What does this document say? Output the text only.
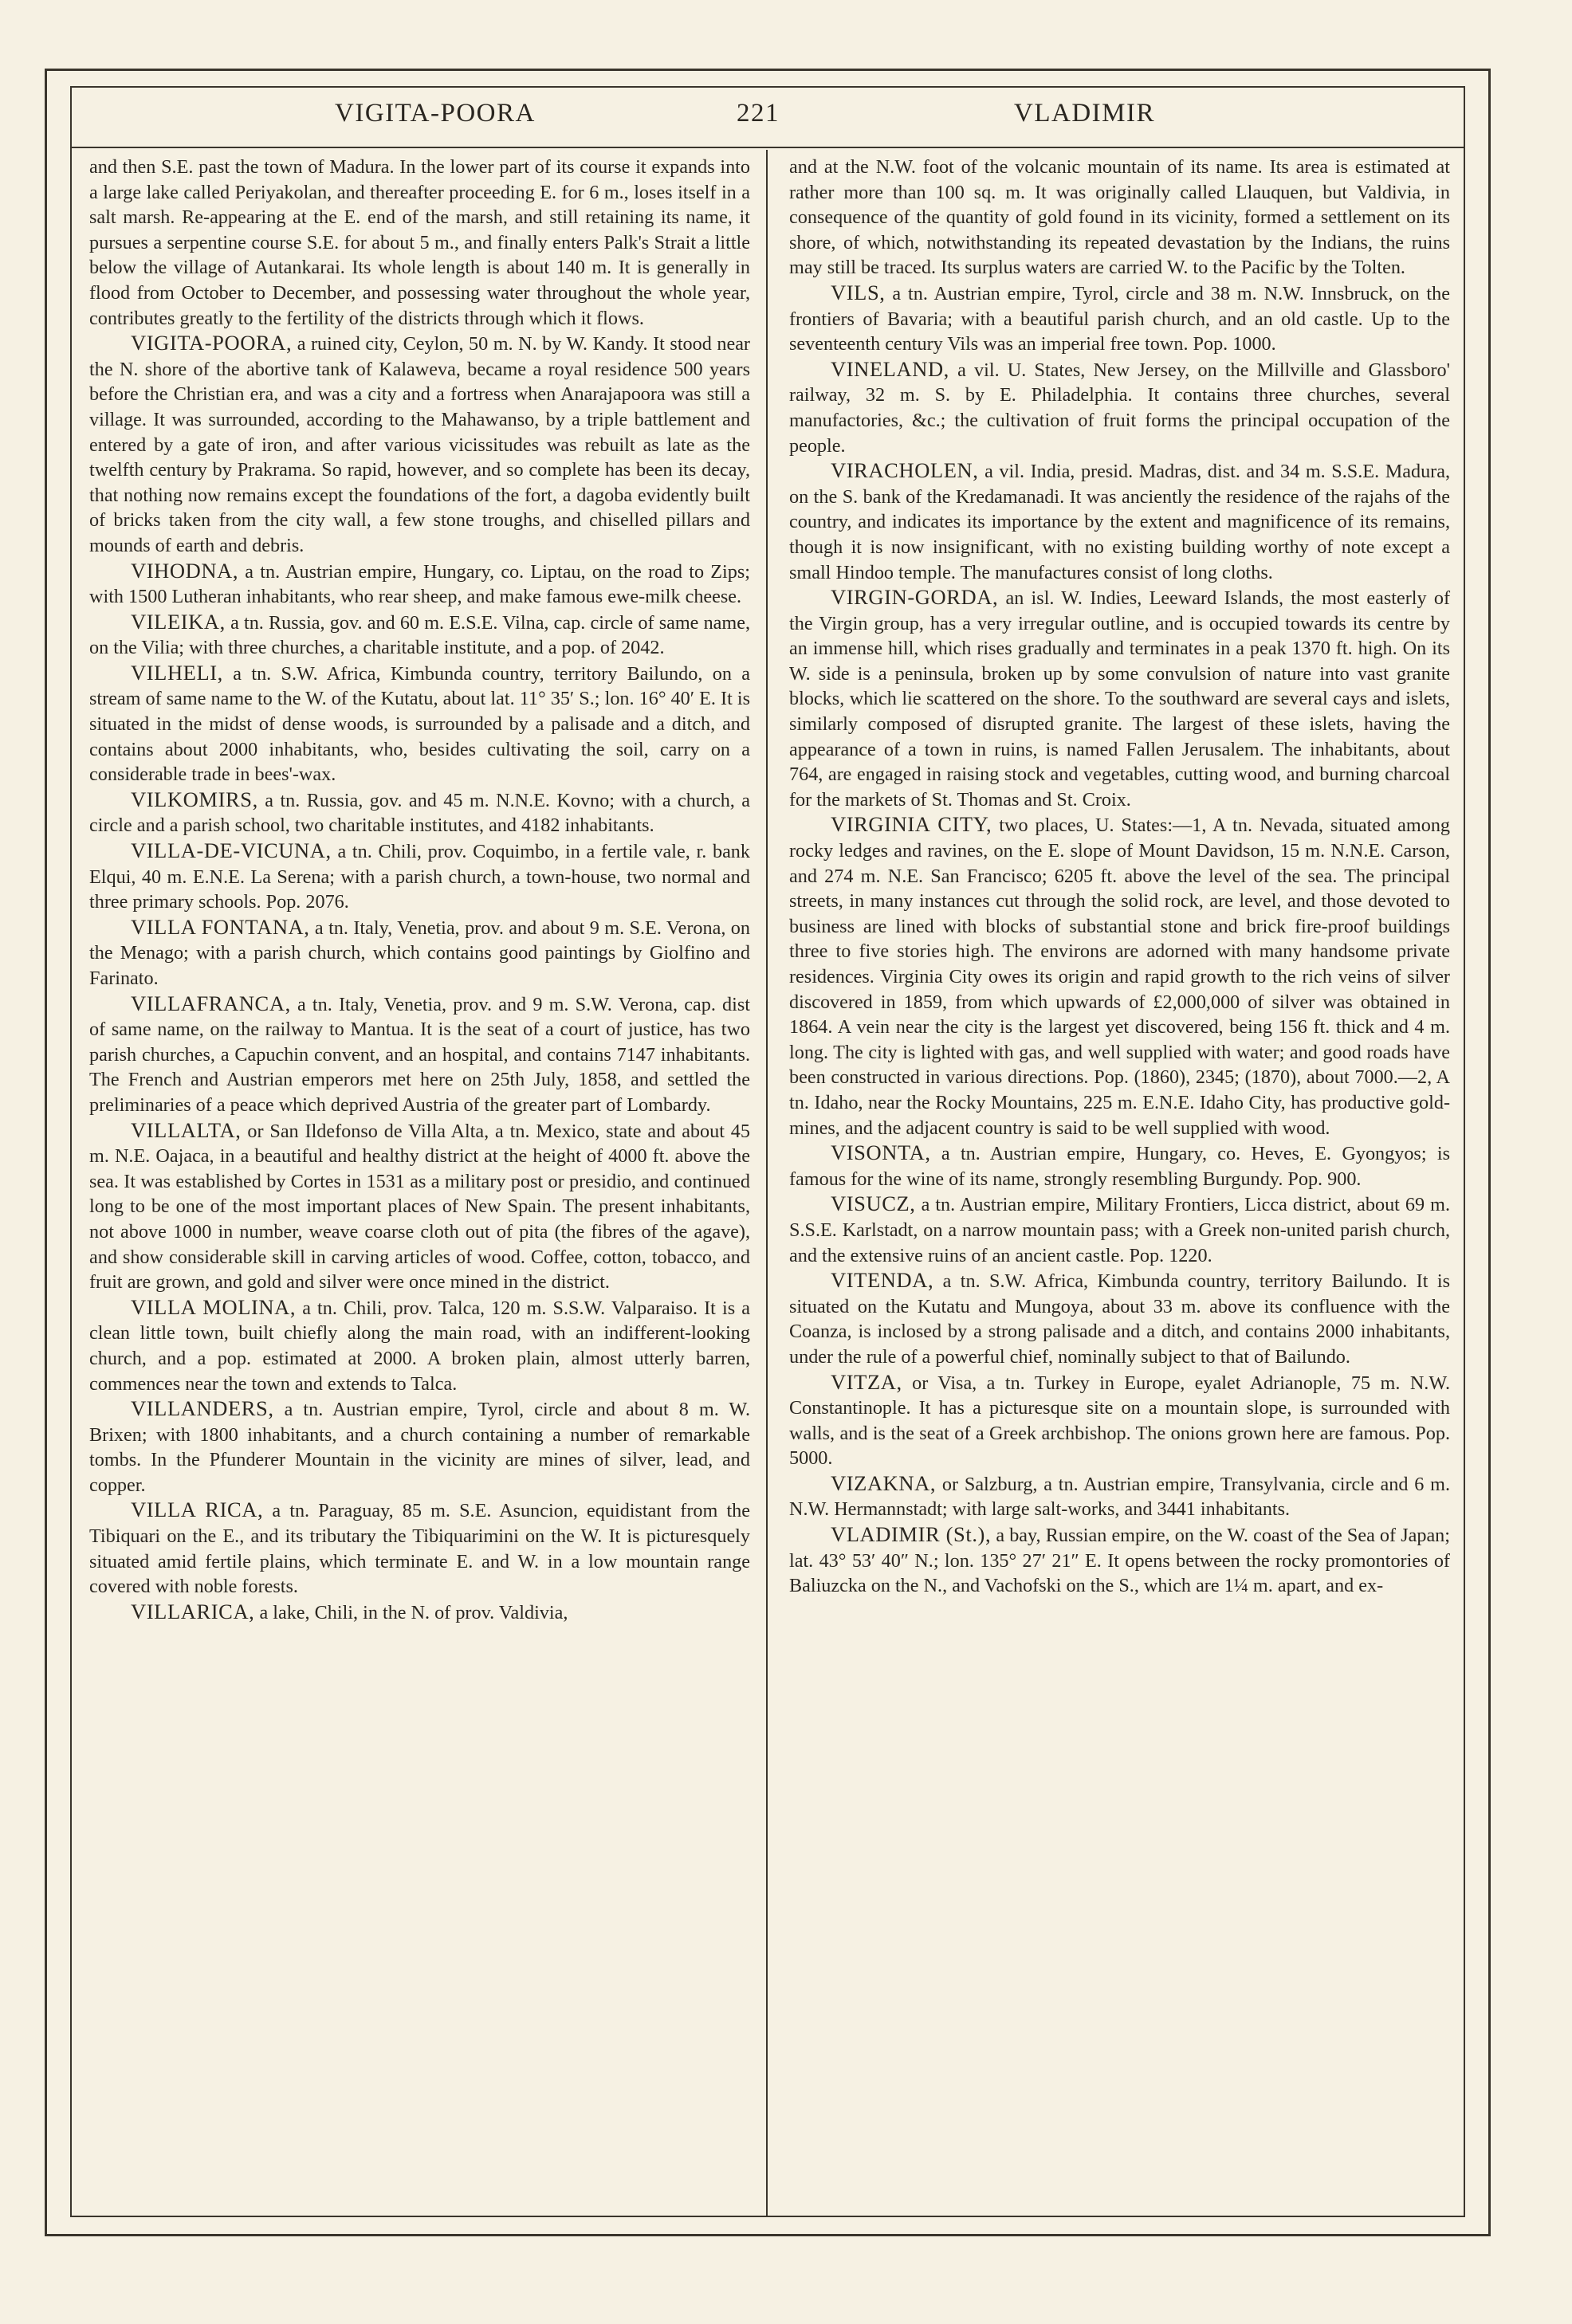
VIGITA-POORA	221	VLADIMIR

and then S.E. past the town of Madura. In the lower part of its course it expands into a large lake called Periyakolan, and thereafter proceeding E. for 6 m., loses itself in a salt marsh. Re-appearing at the E. end of the marsh, and still retaining its name, it pursues a serpentine course S.E. for about 5 m., and finally enters Palk's Strait a little below the village of Autankarai. Its whole length is about 140 m. It is generally in flood from October to December, and possessing water throughout the whole year, contributes greatly to the fertility of the districts through which it flows.

VIGITA-POORA, a ruined city, Ceylon, 50 m. N. by W. Kandy. It stood near the N. shore of the abortive tank of Kalaweva, became a royal residence 500 years before the Christian era, and was a city and a fortress when Anarajapoora was still a village. It was surrounded, according to the Mahawanso, by a triple battlement and entered by a gate of iron, and after various vicissitudes was rebuilt as late as the twelfth century by Prakrama. So rapid, however, and so complete has been its decay, that nothing now remains except the foundations of the fort, a dagoba evidently built of bricks taken from the city wall, a few stone troughs, and chiselled pillars and mounds of earth and debris.

VIHODNA, a tn. Austrian empire, Hungary, co. Liptau, on the road to Zips; with 1500 Lutheran inhabitants, who rear sheep, and make famous ewe-milk cheese.

VILEIKA, a tn. Russia, gov. and 60 m. E.S.E. Vilna, cap. circle of same name, on the Vilia; with three churches, a charitable institute, and a pop. of 2042.

VILHELI, a tn. S.W. Africa, Kimbunda country, territory Bailundo, on a stream of same name to the W. of the Kutatu, about lat. 11° 35′ S.; lon. 16° 40′ E. It is situated in the midst of dense woods, is surrounded by a palisade and a ditch, and contains about 2000 inhabitants, who, besides cultivating the soil, carry on a considerable trade in bees'-wax.

VILKOMIRS, a tn. Russia, gov. and 45 m. N.N.E. Kovno; with a church, a circle and a parish school, two charitable institutes, and 4182 inhabitants.

VILLA-DE-VICUNA, a tn. Chili, prov. Coquimbo, in a fertile vale, r. bank Elqui, 40 m. E.N.E. La Serena; with a parish church, a town-house, two normal and three primary schools. Pop. 2076.

VILLA FONTANA, a tn. Italy, Venetia, prov. and about 9 m. S.E. Verona, on the Menago; with a parish church, which contains good paintings by Giolfino and Farinato.

VILLAFRANCA, a tn. Italy, Venetia, prov. and 9 m. S.W. Verona, cap. dist of same name, on the railway to Mantua. It is the seat of a court of justice, has two parish churches, a Capuchin convent, and an hospital, and contains 7147 inhabitants. The French and Austrian emperors met here on 25th July, 1858, and settled the preliminaries of a peace which deprived Austria of the greater part of Lombardy.

VILLALTA, or San Ildefonso de Villa Alta, a tn. Mexico, state and about 45 m. N.E. Oajaca, in a beautiful and healthy district at the height of 4000 ft. above the sea. It was established by Cortes in 1531 as a military post or presidio, and continued long to be one of the most important places of New Spain. The present inhabitants, not above 1000 in number, weave coarse cloth out of pita (the fibres of the agave), and show considerable skill in carving articles of wood. Coffee, cotton, tobacco, and fruit are grown, and gold and silver were once mined in the district.

VILLA MOLINA, a tn. Chili, prov. Talca, 120 m. S.S.W. Valparaiso. It is a clean little town, built chiefly along the main road, with an indifferent-looking church, and a pop. estimated at 2000. A broken plain, almost utterly barren, commences near the town and extends to Talca.

VILLANDERS, a tn. Austrian empire, Tyrol, circle and about 8 m. W. Brixen; with 1800 inhabitants, and a church containing a number of remarkable tombs. In the Pfunderer Mountain in the vicinity are mines of silver, lead, and copper.

VILLA RICA, a tn. Paraguay, 85 m. S.E. Asuncion, equidistant from the Tibiquari on the E., and its tributary the Tibiquarimini on the W. It is picturesquely situated amid fertile plains, which terminate E. and W. in a low mountain range covered with noble forests.

VILLARICA, a lake, Chili, in the N. of prov. Valdivia,

and at the N.W. foot of the volcanic mountain of its name. Its area is estimated at rather more than 100 sq. m. It was originally called Llauquen, but Valdivia, in consequence of the quantity of gold found in its vicinity, formed a settlement on its shore, of which, notwithstanding its repeated devastation by the Indians, the ruins may still be traced. Its surplus waters are carried W. to the Pacific by the Tolten.

VILS, a tn. Austrian empire, Tyrol, circle and 38 m. N.W. Innsbruck, on the frontiers of Bavaria; with a beautiful parish church, and an old castle. Up to the seventeenth century Vils was an imperial free town. Pop. 1000.

VINELAND, a vil. U. States, New Jersey, on the Millville and Glassboro' railway, 32 m. S. by E. Philadelphia. It contains three churches, several manufactories, &c.; the cultivation of fruit forms the principal occupation of the people.

VIRACHOLEN, a vil. India, presid. Madras, dist. and 34 m. S.S.E. Madura, on the S. bank of the Kredamanadi. It was anciently the residence of the rajahs of the country, and indicates its importance by the extent and magnificence of its remains, though it is now insignificant, with no existing building worthy of note except a small Hindoo temple. The manufactures consist of long cloths.

VIRGIN-GORDA, an isl. W. Indies, Leeward Islands, the most easterly of the Virgin group, has a very irregular outline, and is occupied towards its centre by an immense hill, which rises gradually and terminates in a peak 1370 ft. high. On its W. side is a peninsula, broken up by some convulsion of nature into vast granite blocks, which lie scattered on the shore. To the southward are several cays and islets, similarly composed of disrupted granite. The largest of these islets, having the appearance of a town in ruins, is named Fallen Jerusalem. The inhabitants, about 764, are engaged in raising stock and vegetables, cutting wood, and burning charcoal for the markets of St. Thomas and St. Croix.

VIRGINIA CITY, two places, U. States:—1, A tn. Nevada, situated among rocky ledges and ravines, on the E. slope of Mount Davidson, 15 m. N.N.E. Carson, and 274 m. N.E. San Francisco; 6205 ft. above the level of the sea. The principal streets, in many instances cut through the solid rock, are level, and those devoted to business are lined with blocks of substantial stone and brick fire-proof buildings three to five stories high. The environs are adorned with many handsome private residences. Virginia City owes its origin and rapid growth to the rich veins of silver discovered in 1859, from which upwards of £2,000,000 of silver was obtained in 1864. A vein near the city is the largest yet discovered, being 156 ft. thick and 4 m. long. The city is lighted with gas, and well supplied with water; and good roads have been constructed in various directions. Pop. (1860), 2345; (1870), about 7000.—2, A tn. Idaho, near the Rocky Mountains, 225 m. E.N.E. Idaho City, has productive gold-mines, and the adjacent country is said to be well supplied with wood.

VISONTA, a tn. Austrian empire, Hungary, co. Heves, E. Gyongyos; is famous for the wine of its name, strongly resembling Burgundy. Pop. 900.

VISUCZ, a tn. Austrian empire, Military Frontiers, Licca district, about 69 m. S.S.E. Karlstadt, on a narrow mountain pass; with a Greek non-united parish church, and the extensive ruins of an ancient castle. Pop. 1220.

VITENDA, a tn. S.W. Africa, Kimbunda country, territory Bailundo. It is situated on the Kutatu and Mungoya, about 33 m. above its confluence with the Coanza, is inclosed by a strong palisade and a ditch, and contains 2000 inhabitants, under the rule of a powerful chief, nominally subject to that of Bailundo.

VITZA, or Visa, a tn. Turkey in Europe, eyalet Adrianople, 75 m. N.W. Constantinople. It has a picturesque site on a mountain slope, is surrounded with walls, and is the seat of a Greek archbishop. The onions grown here are famous. Pop. 5000.

VIZAKNA, or Salzburg, a tn. Austrian empire, Transylvania, circle and 6 m. N.W. Hermannstadt; with large salt-works, and 3441 inhabitants.

VLADIMIR (St.), a bay, Russian empire, on the W. coast of the Sea of Japan; lat. 43° 53′ 40″ N.; lon. 135° 27′ 21″ E. It opens between the rocky promontories of Baliuzcka on the N., and Vachofski on the S., which are 1¼ m. apart, and ex-
